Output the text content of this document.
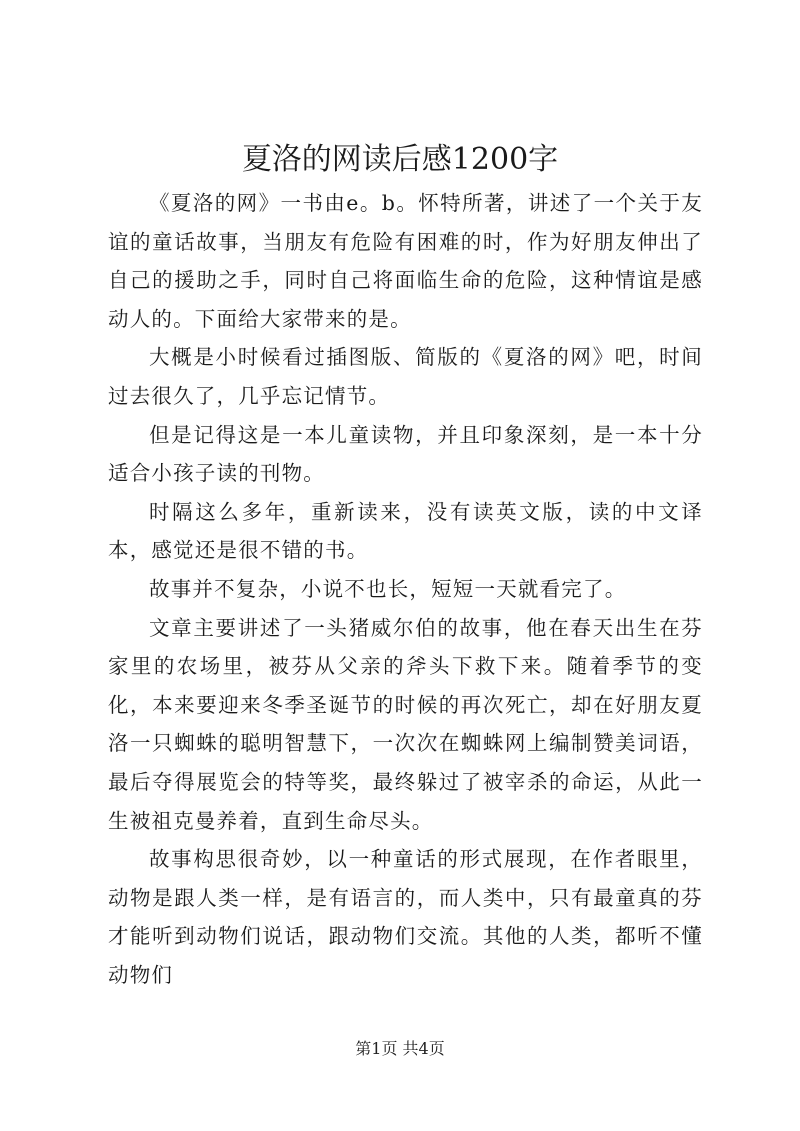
夏洛的网读后感1200字

《夏洛的网》一书由e。b。怀特所著，讲述了一个关于友谊的童话故事，当朋友有危险有困难的时，作为好朋友伸出了自己的援助之手，同时自己将面临生命的危险，这种情谊是感动人的。下面给大家带来的是。

大概是小时候看过插图版、简版的《夏洛的网》吧，时间过去很久了，几乎忘记情节。

但是记得这是一本儿童读物，并且印象深刻，是一本十分适合小孩子读的刊物。

时隔这么多年，重新读来，没有读英文版，读的中文译本，感觉还是很不错的书。

故事并不复杂，小说不也长，短短一天就看完了。

文章主要讲述了一头猪威尔伯的故事，他在春天出生在芬家里的农场里，被芬从父亲的斧头下救下来。随着季节的变化，本来要迎来冬季圣诞节的时候的再次死亡，却在好朋友夏洛一只蜘蛛的聪明智慧下，一次次在蜘蛛网上编制赞美词语，最后夺得展览会的特等奖，最终躲过了被宰杀的命运，从此一生被祖克曼养着，直到生命尽头。

故事构思很奇妙，以一种童话的形式展现，在作者眼里，动物是跟人类一样，是有语言的，而人类中，只有最童真的芬才能听到动物们说话，跟动物们交流。其他的人类，都听不懂动物们

第1页 共4页
